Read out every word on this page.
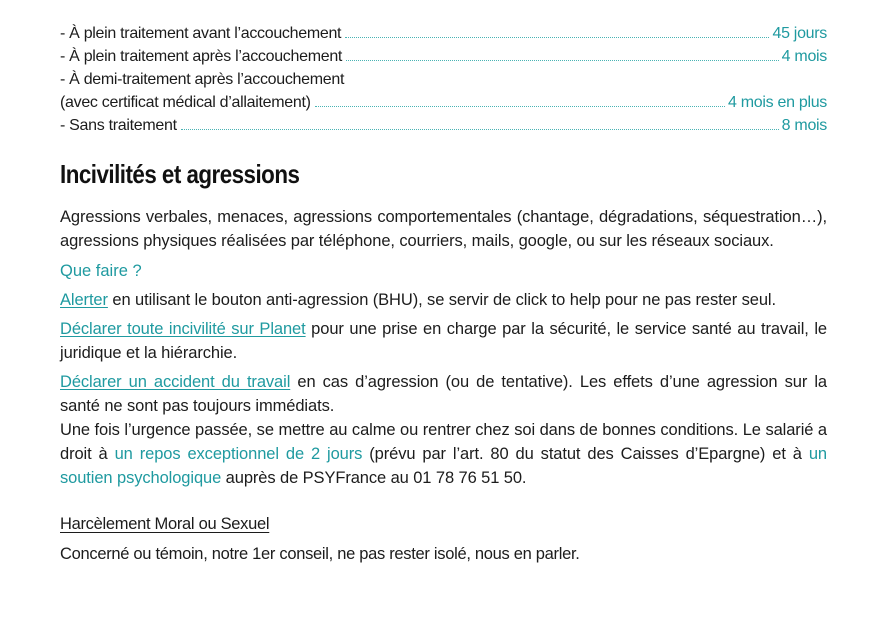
- À plein traitement avant l’accouchement	45 jours
- À plein traitement après l’accouchement	4 mois
- À demi-traitement après l’accouchement
(avec certificat médical d’allaitement)	4 mois en plus
- Sans traitement	8 mois
Incivilités et agressions

Agressions verbales, menaces, agressions comportementales (chantage, dégradations, séquestration…), agressions physiques réalisées par téléphone, courriers, mails, google, ou sur les réseaux sociaux.

Que faire ?

Alerter en utilisant le bouton anti-agression (BHU), se servir de click to help pour ne pas rester seul.

Déclarer toute incivilité sur Planet pour une prise en charge par la sécurité, le service santé au travail, le juridique et la hiérarchie.

Déclarer un accident du travail en cas d’agression (ou de tentative). Les effets d’une agression sur la santé ne sont pas toujours immédiats.

Une fois l’urgence passée, se mettre au calme ou rentrer chez soi dans de bonnes conditions. Le salarié a droit à un repos exceptionnel de 2 jours (prévu par l’art. 80 du statut des Caisses d’Epargne) et à un soutien psychologique auprès de PSYFrance au 01 78 76 51 50.

Harcèlement Moral ou Sexuel
Concerné ou témoin, notre 1er conseil, ne pas rester isolé, nous en parler.
